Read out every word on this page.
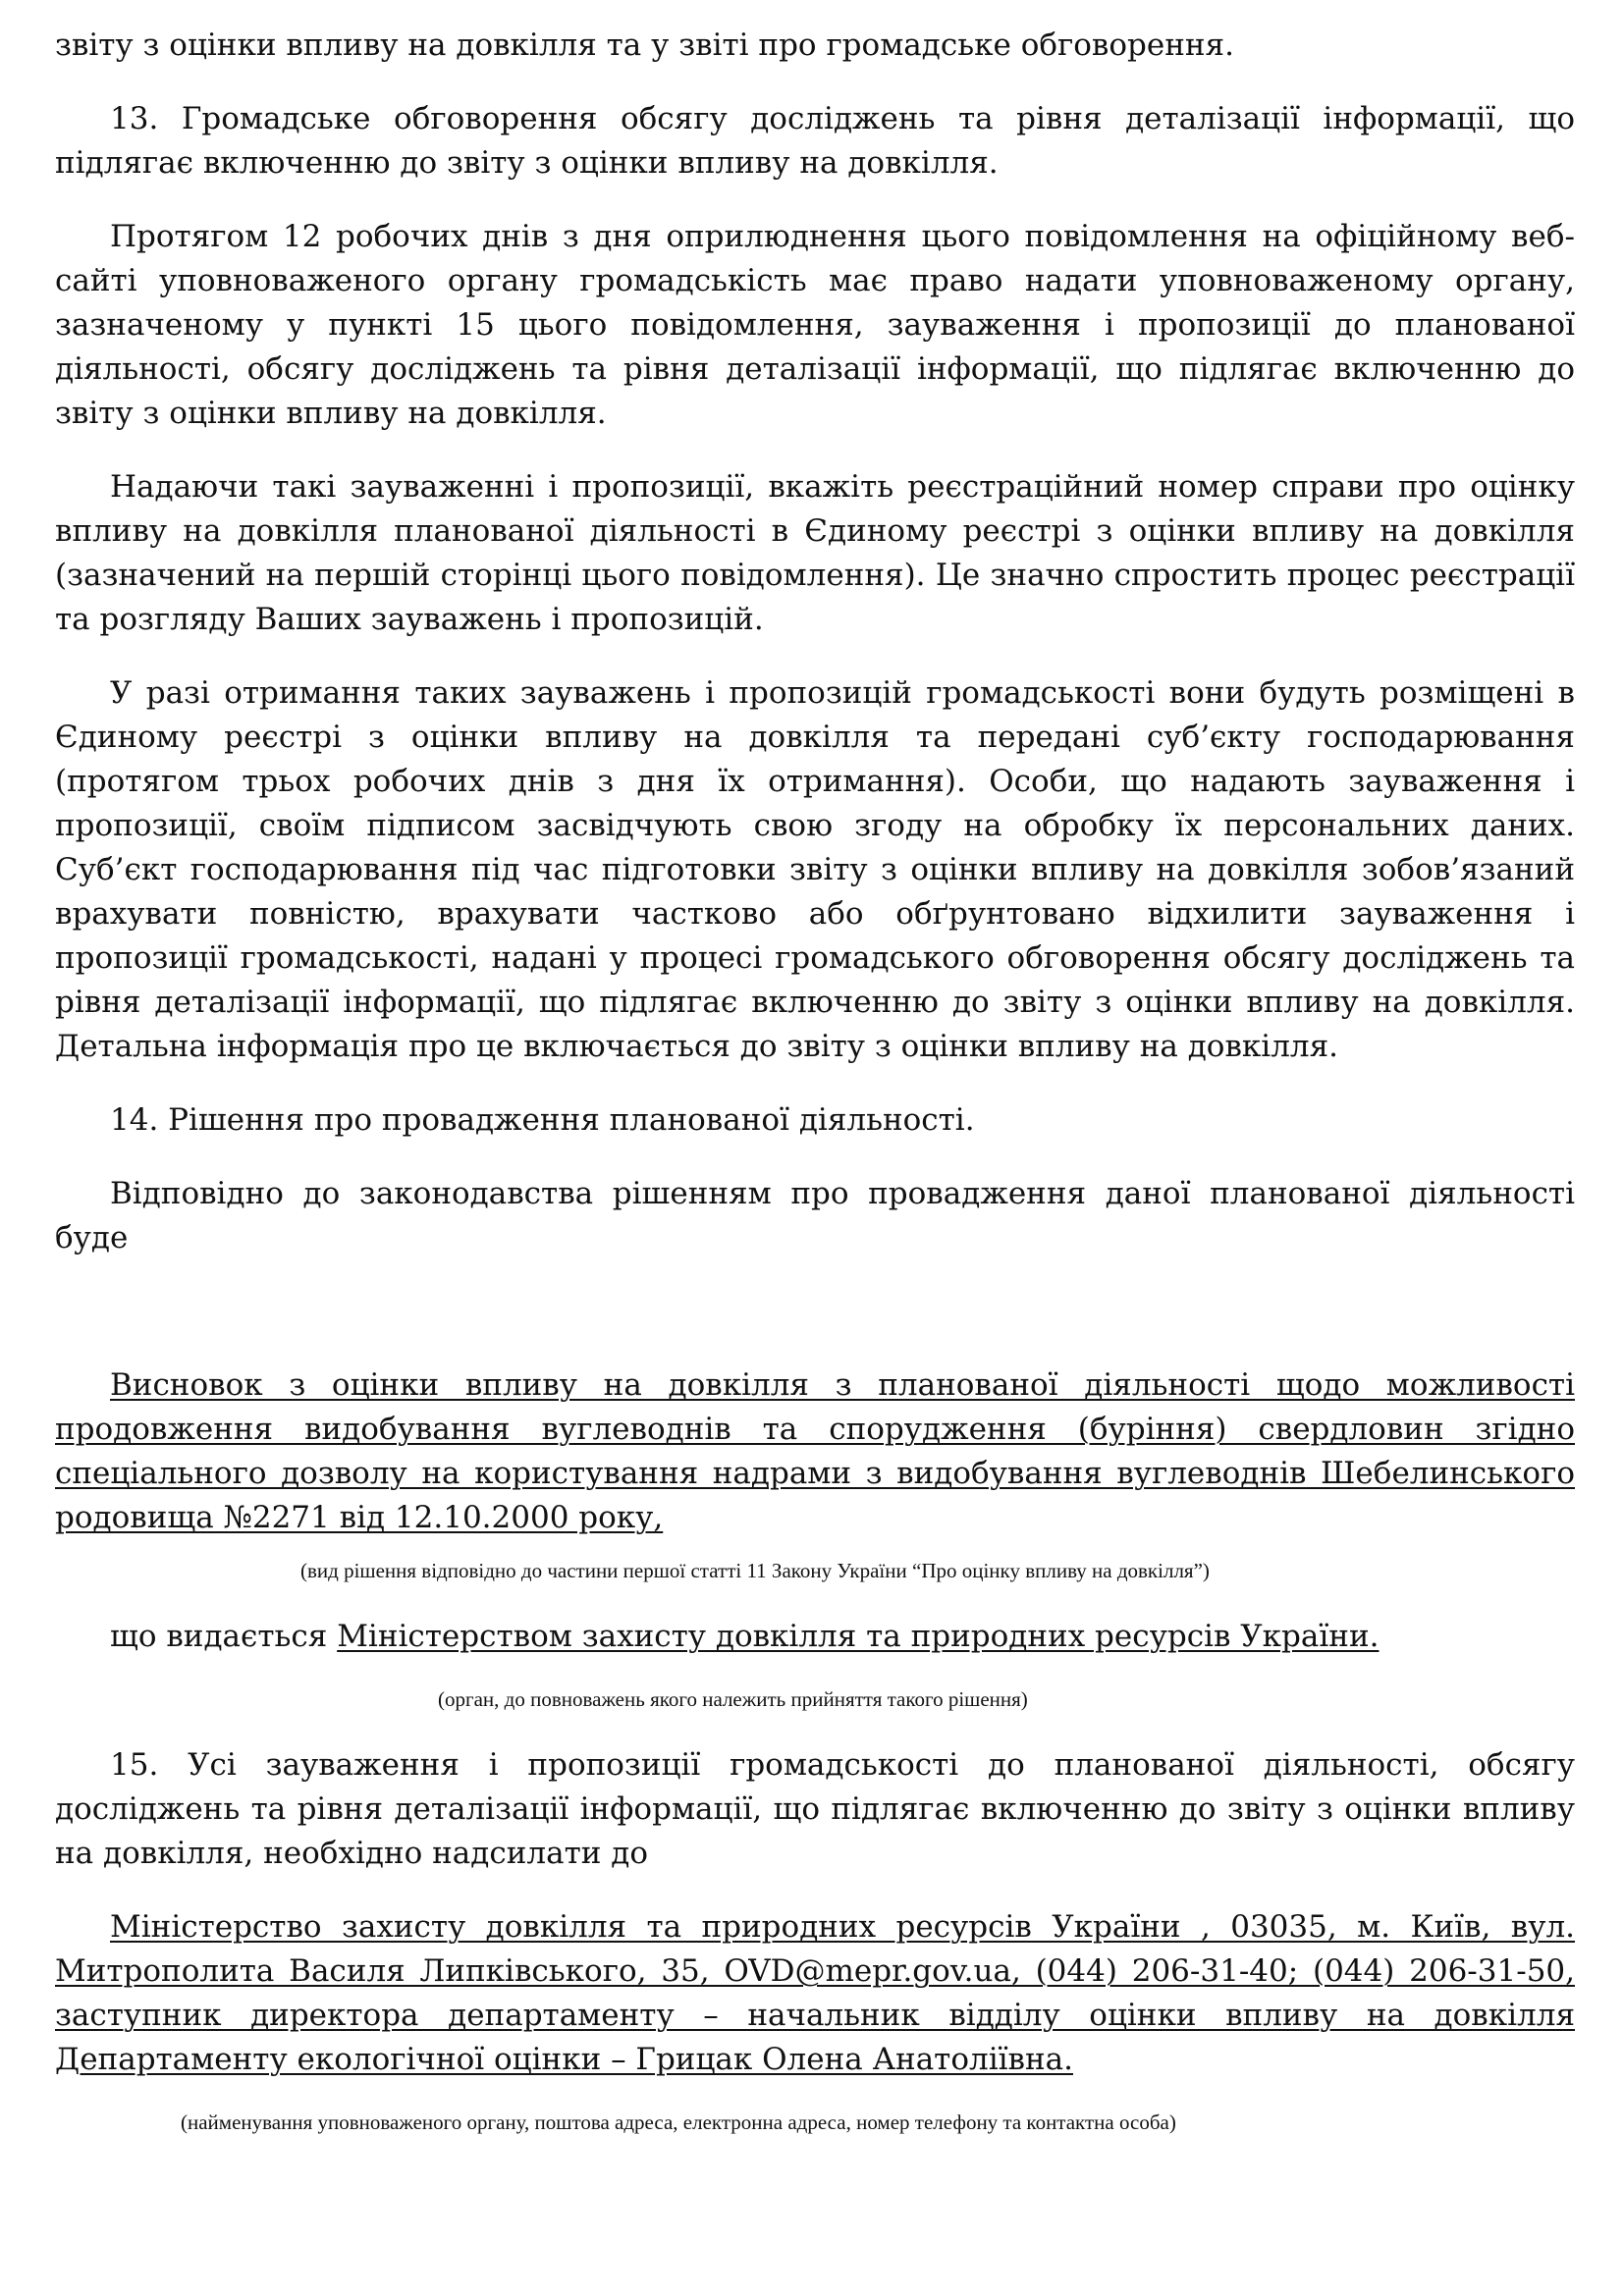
звіту з оцінки впливу на довкілля та у звіті про громадське обговорення.

13. Громадське обговорення обсягу досліджень та рівня деталізації інформації, що підлягає включенню до звіту з оцінки впливу на довкілля.

Протягом 12 робочих днів з дня оприлюднення цього повідомлення на офіційному веб-сайті уповноваженого органу громадськість має право надати уповноваженому органу, зазначеному у пункті 15 цього повідомлення, зауваження і пропозиції до планованої діяльності, обсягу досліджень та рівня деталізації інформації, що підлягає включенню до звіту з оцінки впливу на довкілля.

Надаючи такі зауваженні і пропозиції, вкажіть реєстраційний номер справи про оцінку впливу на довкілля планованої діяльності в Єдиному реєстрі з оцінки впливу на довкілля (зазначений на першій сторінці цього повідомлення). Це значно спростить процес реєстрації та розгляду Ваших зауважень і пропозицій.

У разі отримання таких зауважень і пропозицій громадськості вони будуть розміщені в Єдиному реєстрі з оцінки впливу на довкілля та передані суб’єкту господарювання (протягом трьох робочих днів з дня їх отримання). Особи, що надають зауваження і пропозиції, своїм підписом засвідчують свою згоду на обробку їх персональних даних. Суб’єкт господарювання під час підготовки звіту з оцінки впливу на довкілля зобов’язаний врахувати повністю, врахувати частково або обґрунтовано відхилити зауваження і пропозиції громадськості, надані у процесі громадського обговорення обсягу досліджень та рівня деталізації інформації, що підлягає включенню до звіту з оцінки впливу на довкілля. Детальна інформація про це включається до звіту з оцінки впливу на довкілля.

14. Рішення про провадження планованої діяльності.

Відповідно до законодавства рішенням про провадження даної планованої діяльності буде

Висновок з оцінки впливу на довкілля з планованої діяльності щодо можливості продовження видобування вуглеводнів та спорудження (буріння) свердловин згідно спеціального дозволу на користування надрами з видобування вуглеводнів Шебелинського родовища №2271 від 12.10.2000 року,

(вид рішення відповідно до частини першої статті 11 Закону України “Про оцінку впливу на довкілля”)

що видається Міністерством захисту довкілля та природних ресурсів України.

(орган, до повноважень якого належить прийняття такого рішення)

15. Усі зауваження і пропозиції громадськості до планованої діяльності, обсягу досліджень та рівня деталізації інформації, що підлягає включенню до звіту з оцінки впливу на довкілля, необхідно надсилати до

Міністерство захисту довкілля та природних ресурсів України , 03035, м. Київ, вул. Митрополита Василя Липківського, 35, OVD@mepr.gov.ua, (044) 206-31-40; (044) 206-31-50, заступник директора департаменту – начальник відділу оцінки впливу на довкілля Департаменту екологічної оцінки – Грицак Олена Анатоліївна.

(найменування уповноваженого органу, поштова адреса, електронна адреса, номер телефону та контактна особа)
